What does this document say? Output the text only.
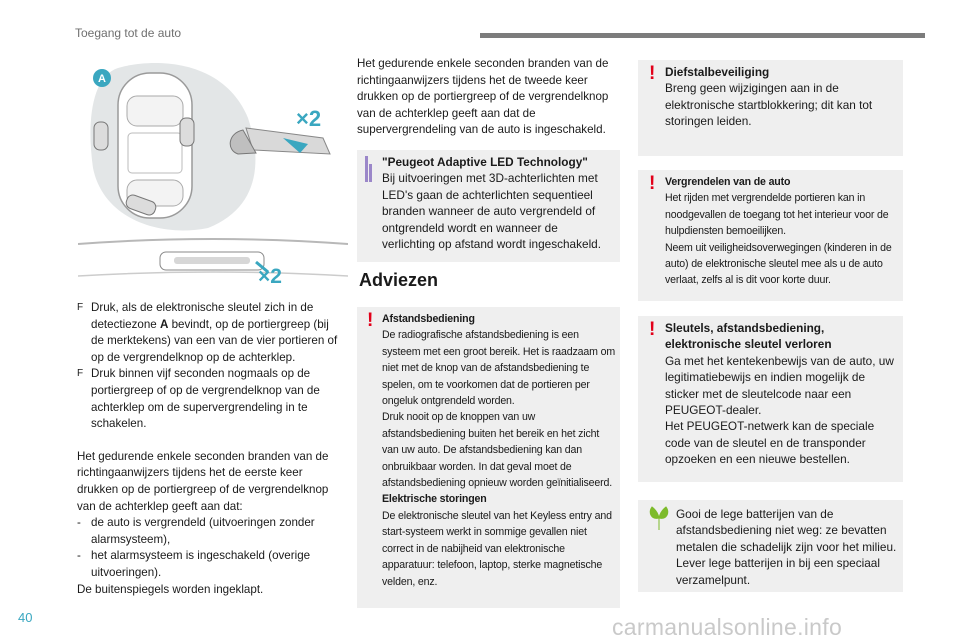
Toegang tot de auto
A
×2
×2
F Druk, als de elektronische sleutel zich in de detectiezone A bevindt, op de portiergreep (bij de merktekens) van een van de vier portieren of op de vergrendelknop op de achterklep.
F Druk binnen vijf seconden nogmaals op de portiergreep of op de vergrendelknop van de achterklep om de supervergrendeling in te schakelen.
Het gedurende enkele seconden branden van de richtingaanwijzers tijdens het de eerste keer drukken op de portiergreep of de vergrendelknop van de achterklep geeft aan dat:
- de auto is vergrendeld (uitvoeringen zonder alarmsysteem),
- het alarmsysteem is ingeschakeld (overige uitvoeringen).
De buitenspiegels worden ingeklapt.
Het gedurende enkele seconden branden van de richtingaanwijzers tijdens het de tweede keer drukken op de portiergreep of de vergrendelknop van de achterklep geeft aan dat de supervergrendeling van de auto is ingeschakeld.
"Peugeot Adaptive LED Technology"
Bij uitvoeringen met 3D-achterlichten met LED's gaan de achterlichten sequentieel branden wanneer de auto vergrendeld of ontgrendeld wordt en wanneer de verlichting op afstand wordt ingeschakeld.
Adviezen
! Afstandsbediening
De radiografische afstandsbediening is een systeem met een groot bereik. Het is raadzaam om niet met de knop van de afstandsbediening te spelen, om te voorkomen dat de portieren per ongeluk ontgrendeld worden.
Druk nooit op de knoppen van uw afstandsbediening buiten het bereik en het zicht van uw auto. De afstandsbediening kan dan onbruikbaar worden. In dat geval moet de afstandsbediening opnieuw worden geïnitialiseerd.
Elektrische storingen
De elektronische sleutel van het Keyless entry and start-systeem werkt in sommige gevallen niet correct in de nabijheid van elektronische apparatuur: telefoon, laptop, sterke magnetische velden, enz.
! Diefstalbeveiliging
Breng geen wijzigingen aan in de elektronische startblokkering; dit kan tot storingen leiden.
! Vergrendelen van de auto
Het rijden met vergrendelde portieren kan in noodgevallen de toegang tot het interieur voor de hulpdiensten bemoeilijken.
Neem uit veiligheidsoverwegingen (kinderen in de auto) de elektronische sleutel mee als u de auto verlaat, zelfs al is dit voor korte duur.
! Sleutels, afstandsbediening, elektronische sleutel verloren
Ga met het kentekenbewijs van de auto, uw legitimatiebewijs en indien mogelijk de sticker met de sleutelcode naar een PEUGEOT-dealer.
Het PEUGEOT-netwerk kan de speciale code van de sleutel en de transponder opzoeken en een nieuwe bestellen.
Gooi de lege batterijen van de afstandsbediening niet weg: ze bevatten metalen die schadelijk zijn voor het milieu. Lever lege batterijen in bij een speciaal verzamelpunt.
40	carmanualsonline.info
